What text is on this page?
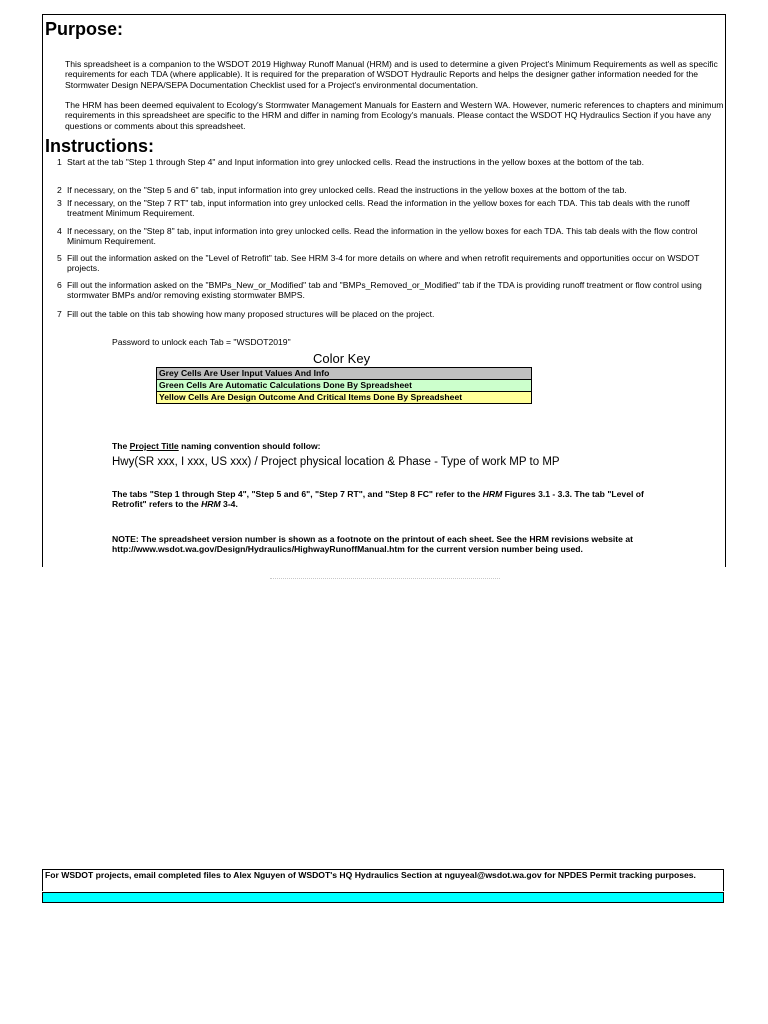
Purpose:
This spreadsheet is a companion to the WSDOT 2019 Highway Runoff Manual (HRM) and is used to determine a given Project's Minimum Requirements as well as specific requirements for each TDA (where applicable). It is required for the preparation of WSDOT Hydraulic Reports and helps the designer gather information needed for the Stormwater Design NEPA/SEPA Documentation Checklist used for a Project's environmental documentation.
The HRM has been deemed equivalent to Ecology's Stormwater Management Manuals for Eastern and Western WA. However, numeric references to chapters and minimum requirements in this spreadsheet are specific to the HRM and differ in naming from Ecology's manuals. Please contact the WSDOT HQ Hydraulics Section if you have any questions or comments about this spreadsheet.
Instructions:
1 Start at the tab "Step 1 through Step 4" and Input information into grey unlocked cells. Read the instructions in the yellow boxes at the bottom of the tab.
2 If necessary, on the "Step 5 and 6" tab, input information into grey unlocked cells. Read the instructions in the yellow boxes at the bottom of the tab.
3 If necessary, on the "Step 7 RT" tab, input information into grey unlocked cells. Read the information in the yellow boxes for each TDA. This tab deals with the runoff treatment Minimum Requirement.
4 If necessary, on the "Step 8" tab, input information into grey unlocked cells. Read the information in the yellow boxes for each TDA. This tab deals with the flow control Minimum Requirement.
5 Fill out the information asked on the "Level of Retrofit" tab. See HRM 3-4 for more details on where and when retrofit requirements and opportunities occur on WSDOT projects.
6 Fill out the information asked on the "BMPs_New_or_Modified" tab and "BMPs_Removed_or_Modified" tab if the TDA is providing runoff treatment or flow control using stormwater BMPs and/or removing existing stormwater BMPS.
7 Fill out the table on this tab showing how many proposed structures will be placed on the project.
Password to unlock each Tab = "WSDOT2019"
Color Key
Grey Cells Are User Input Values And Info
Green Cells Are Automatic Calculations Done By Spreadsheet
Yellow Cells Are Design Outcome And Critical Items Done By Spreadsheet
The Project Title naming convention should follow:
Hwy(SR xxx, I xxx, US xxx) / Project physical location & Phase - Type of work MP to MP
The tabs "Step 1 through Step 4", "Step 5 and 6", "Step 7 RT", and "Step 8 FC" refer to the HRM Figures 3.1 - 3.3. The tab "Level of Retrofit" refers to the HRM 3-4.
NOTE: The spreadsheet version number is shown as a footnote on the printout of each sheet. See the HRM revisions website at http://www.wsdot.wa.gov/Design/Hydraulics/HighwayRunoffManual.htm for the current version number being used.
For WSDOT projects, email completed files to Alex Nguyen of WSDOT's HQ Hydraulics Section at nguyeal@wsdot.wa.gov for NPDES Permit tracking purposes.
